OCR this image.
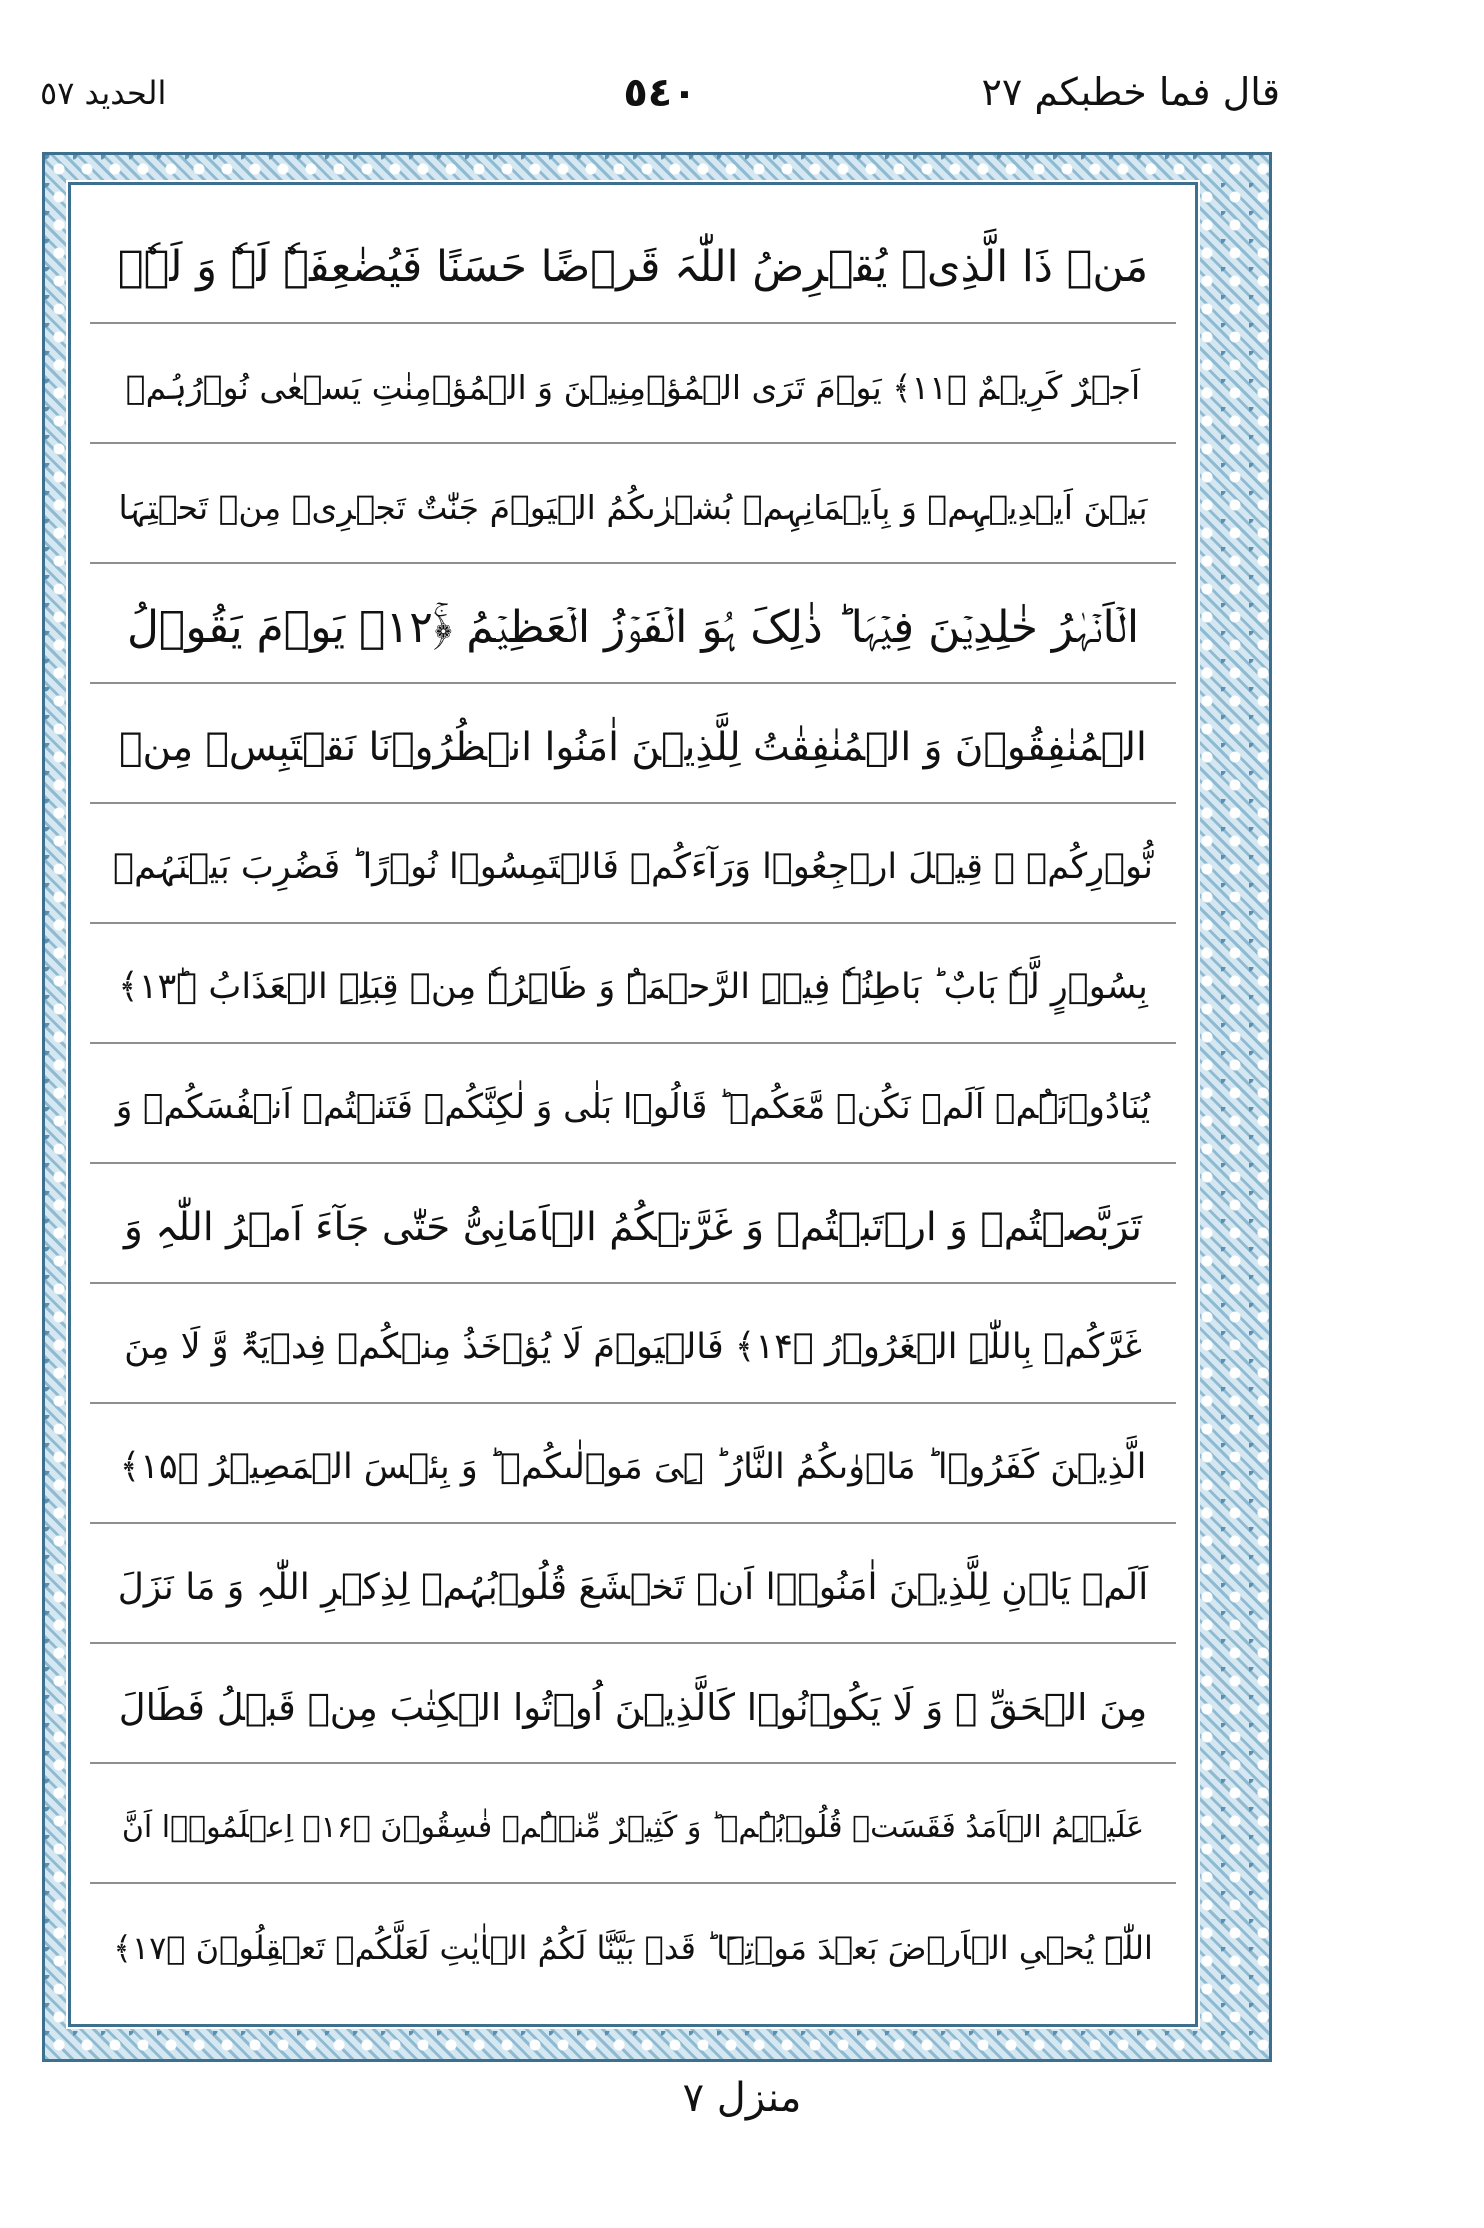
قال فما خطبكم ٢٧
٥٤٠
الحديد ٥٧
مَنۡ ذَا الَّذِیۡ یُقۡرِضُ اللّٰہَ قَرۡضًا حَسَنًا فَیُضٰعِفَہٗ لَہٗ وَ لَہٗۤ
اَجۡرٌ کَرِیۡمٌ ﴿۱۱﴾ یَوۡمَ تَرَی الۡمُؤۡمِنِیۡنَ وَ الۡمُؤۡمِنٰتِ یَسۡعٰی نُوۡرُہُمۡ
بَیۡنَ اَیۡدِیۡہِمۡ وَ بِاَیۡمَانِہِمۡ بُشۡرٰىکُمُ الۡیَوۡمَ جَنّٰتٌ تَجۡرِیۡ مِنۡ تَحۡتِہَا
الۡاَنۡہٰرُ خٰلِدِیۡنَ فِیۡہَا ؕ ذٰلِکَ ہُوَ الۡفَوۡزُ الۡعَظِیۡمُ ﴿ۚ۱۲﴾ یَوۡمَ یَقُوۡلُ
الۡمُنٰفِقُوۡنَ وَ الۡمُنٰفِقٰتُ لِلَّذِیۡنَ اٰمَنُوا انۡظُرُوۡنَا نَقۡتَبِسۡ مِنۡ
نُّوۡرِکُمۡ ۚ قِیۡلَ ارۡجِعُوۡا وَرَآءَکُمۡ فَالۡتَمِسُوۡا نُوۡرًا ؕ فَضُرِبَ بَیۡنَہُمۡ
بِسُوۡرٍ لَّہٗ بَابٌ ؕ بَاطِنُہٗ فِیۡہِ الرَّحۡمَۃُ وَ ظَاہِرُہٗ مِنۡ قِبَلِہِ الۡعَذَابُ ﴿ؕ۱۳﴾
یُنَادُوۡنَہُمۡ اَلَمۡ نَکُنۡ مَّعَکُمۡ ؕ قَالُوۡا بَلٰی وَ لٰکِنَّکُمۡ فَتَنۡتُمۡ اَنۡفُسَکُمۡ وَ
تَرَبَّصۡتُمۡ وَ ارۡتَبۡتُمۡ وَ غَرَّتۡکُمُ الۡاَمَانِیُّ حَتّٰی جَآءَ اَمۡرُ اللّٰہِ وَ
غَرَّکُمۡ بِاللّٰہِ الۡغَرُوۡرُ ﴿۱۴﴾ فَالۡیَوۡمَ لَا یُؤۡخَذُ مِنۡکُمۡ فِدۡیَۃٌ وَّ لَا مِنَ
الَّذِیۡنَ کَفَرُوۡا ؕ مَاۡوٰىکُمُ النَّارُ ؕ ہِیَ مَوۡلٰىکُمۡ ؕ وَ بِئۡسَ الۡمَصِیۡرُ ﴿۱۵﴾
اَلَمۡ یَاۡنِ لِلَّذِیۡنَ اٰمَنُوۡۤا اَنۡ تَخۡشَعَ قُلُوۡبُہُمۡ لِذِکۡرِ اللّٰہِ وَ مَا نَزَلَ
مِنَ الۡحَقِّ ۙ وَ لَا یَکُوۡنُوۡا کَالَّذِیۡنَ اُوۡتُوا الۡکِتٰبَ مِنۡ قَبۡلُ فَطَالَ
عَلَیۡہِمُ الۡاَمَدُ فَقَسَتۡ قُلُوۡبُہُمۡ ؕ وَ کَثِیۡرٌ مِّنۡہُمۡ فٰسِقُوۡنَ ﴿۱۶﴾ اِعۡلَمُوۡۤا اَنَّ
اللّٰہَ یُحۡیِ الۡاَرۡضَ بَعۡدَ مَوۡتِہَا ؕ قَدۡ بَیَّنَّا لَکُمُ الۡاٰیٰتِ لَعَلَّکُمۡ تَعۡقِلُوۡنَ ﴿۱۷﴾
منزل ٧
